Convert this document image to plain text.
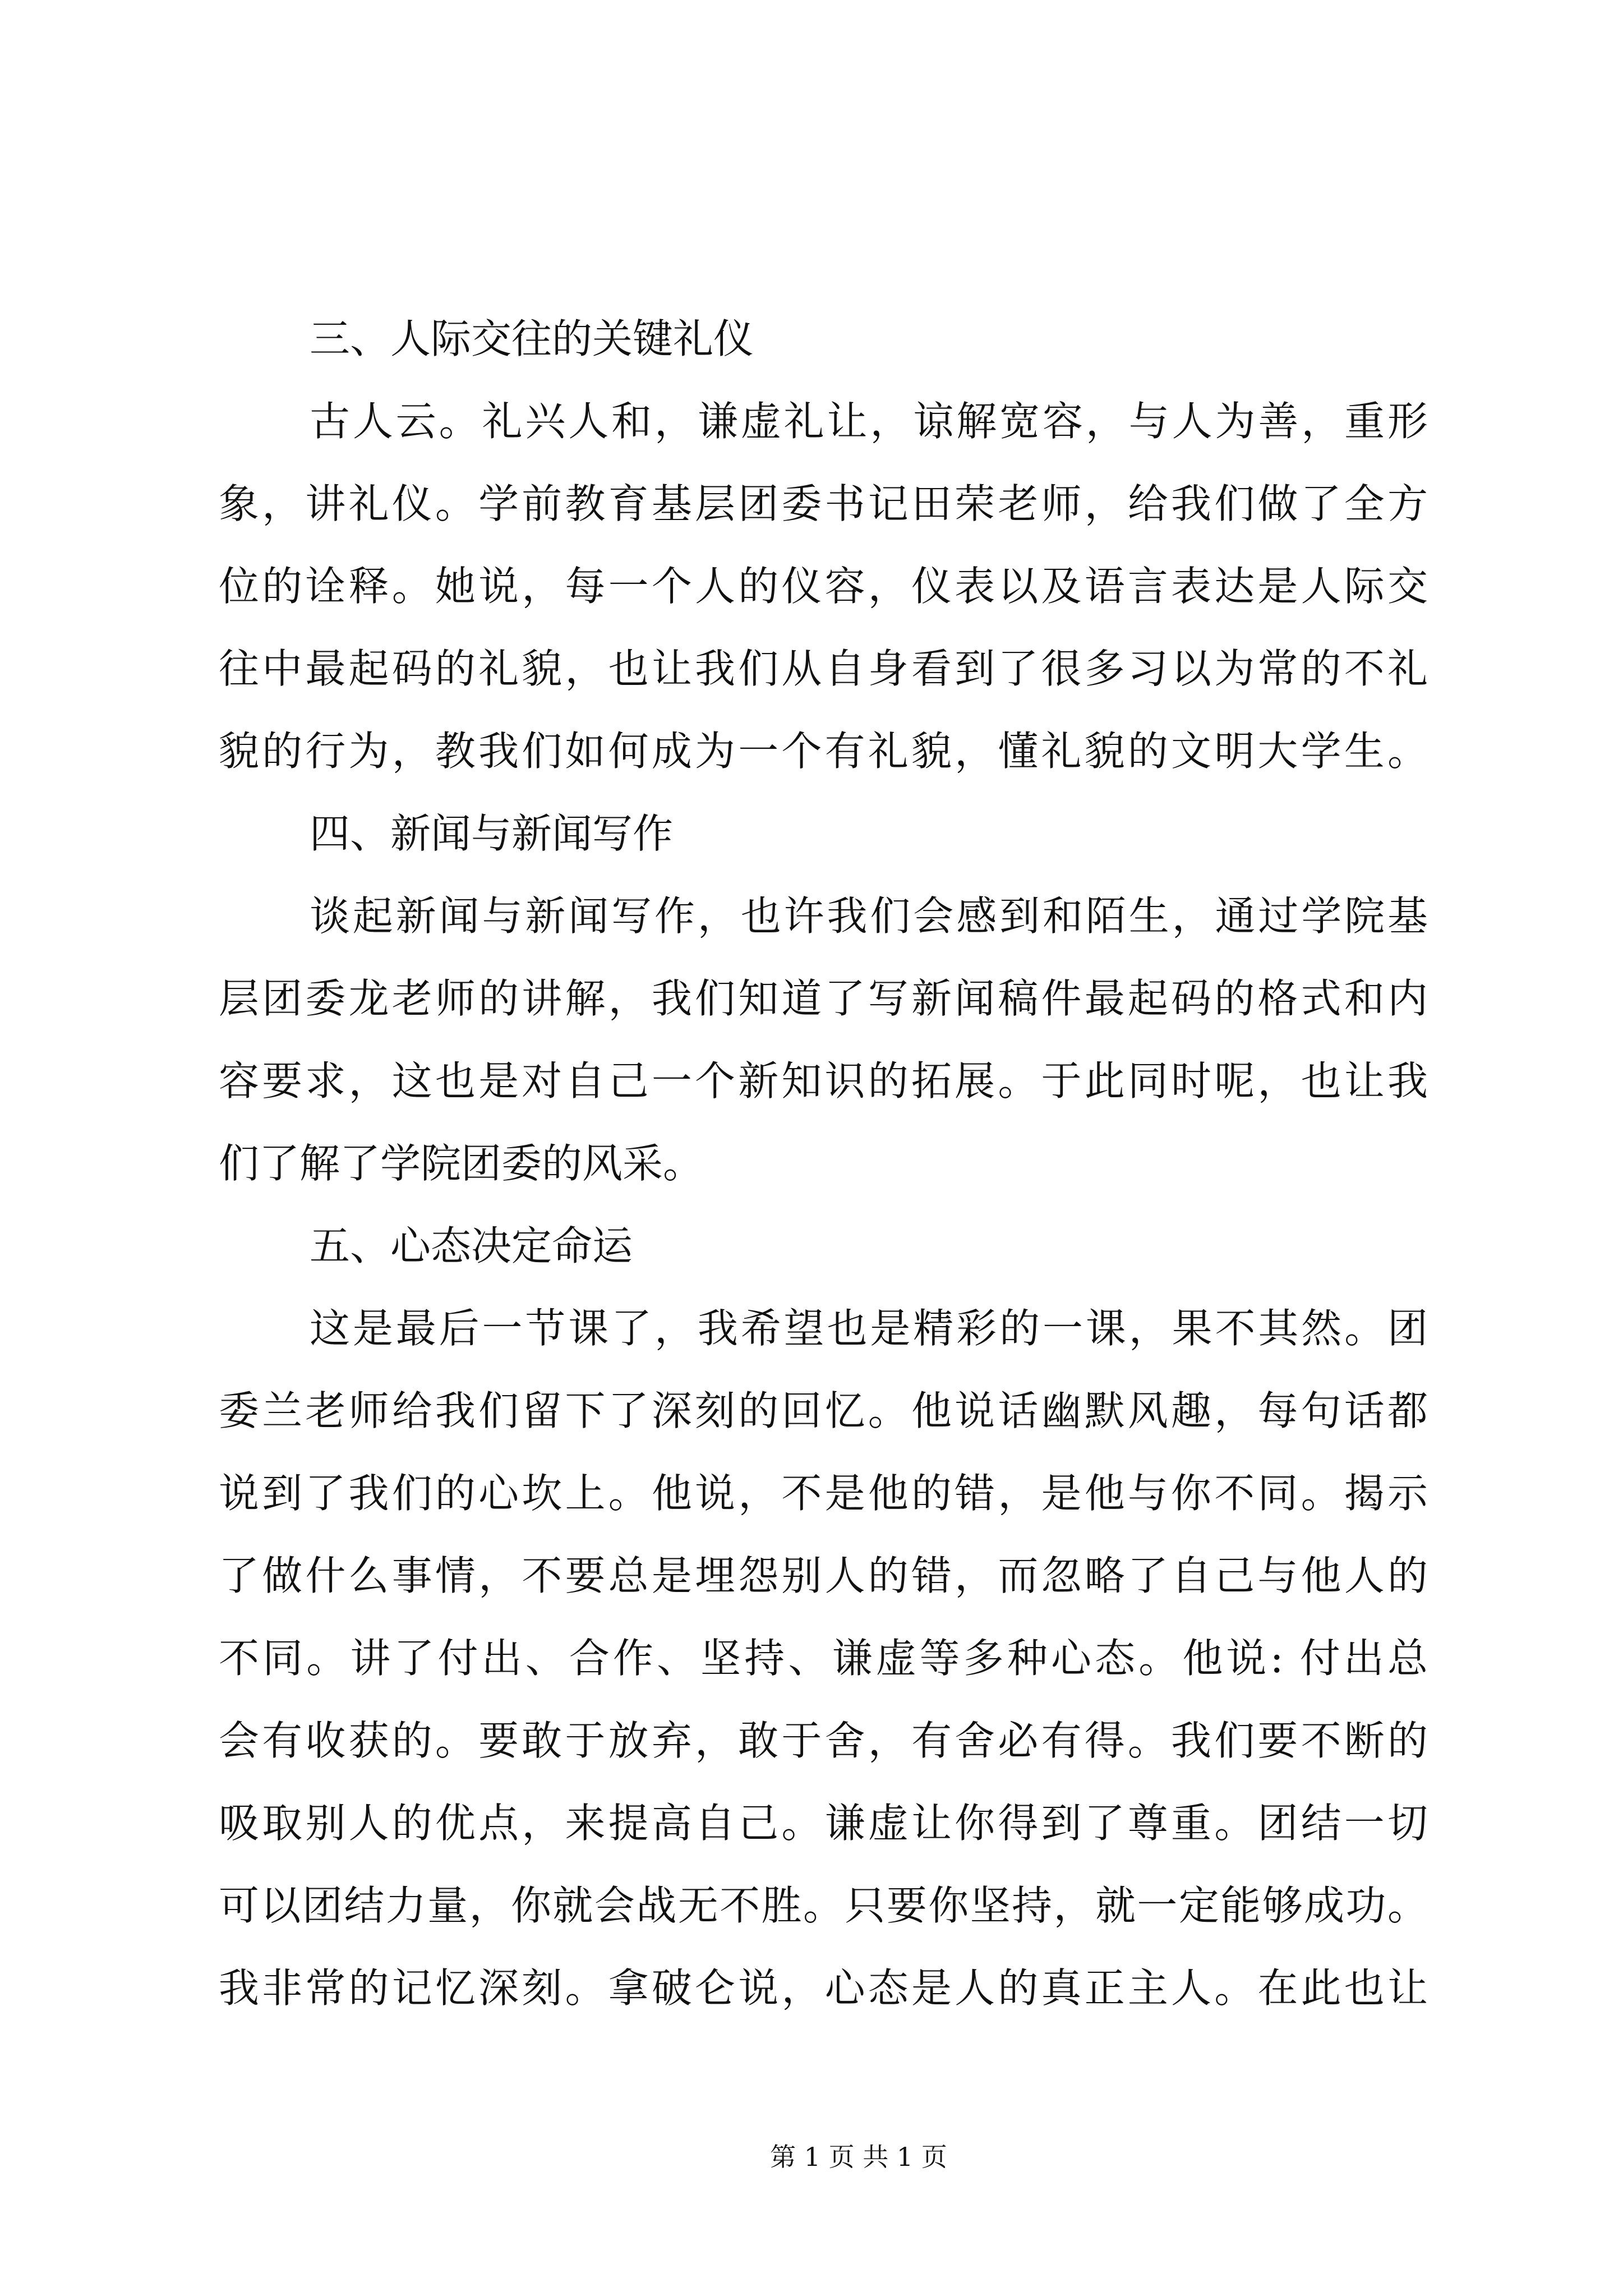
三、人际交往的关键礼仪
古人云。礼兴人和，谦虚礼让，谅解宽容，与人为善，重形
象，讲礼仪。学前教育基层团委书记田荣老师，给我们做了全方
位的诠释。她说，每一个人的仪容，仪表以及语言表达是人际交
往中最起码的礼貌，也让我们从自身看到了很多习以为常的不礼
貌的行为，教我们如何成为一个有礼貌，懂礼貌的文明大学生。
四、新闻与新闻写作
谈起新闻与新闻写作，也许我们会感到和陌生，通过学院基
层团委龙老师的讲解，我们知道了写新闻稿件最起码的格式和内
容要求，这也是对自己一个新知识的拓展。于此同时呢，也让我
们了解了学院团委的风采。
五、心态决定命运
这是最后一节课了，我希望也是精彩的一课，果不其然。团
委兰老师给我们留下了深刻的回忆。他说话幽默风趣，每句话都
说到了我们的心坎上。他说，不是他的错，是他与你不同。揭示
了做什么事情，不要总是埋怨别人的错，而忽略了自己与他人的
不同。讲了付出、合作、坚持、谦虚等多种心态。他说: 付出总
会有收获的。要敢于放弃，敢于舍，有舍必有得。我们要不断的
吸取别人的优点，来提高自己。谦虚让你得到了尊重。团结一切
可以团结力量，你就会战无不胜。只要你坚持，就一定能够成功。
我非常的记忆深刻。拿破仑说，心态是人的真正主人。在此也让
第 1 页 共 1 页
